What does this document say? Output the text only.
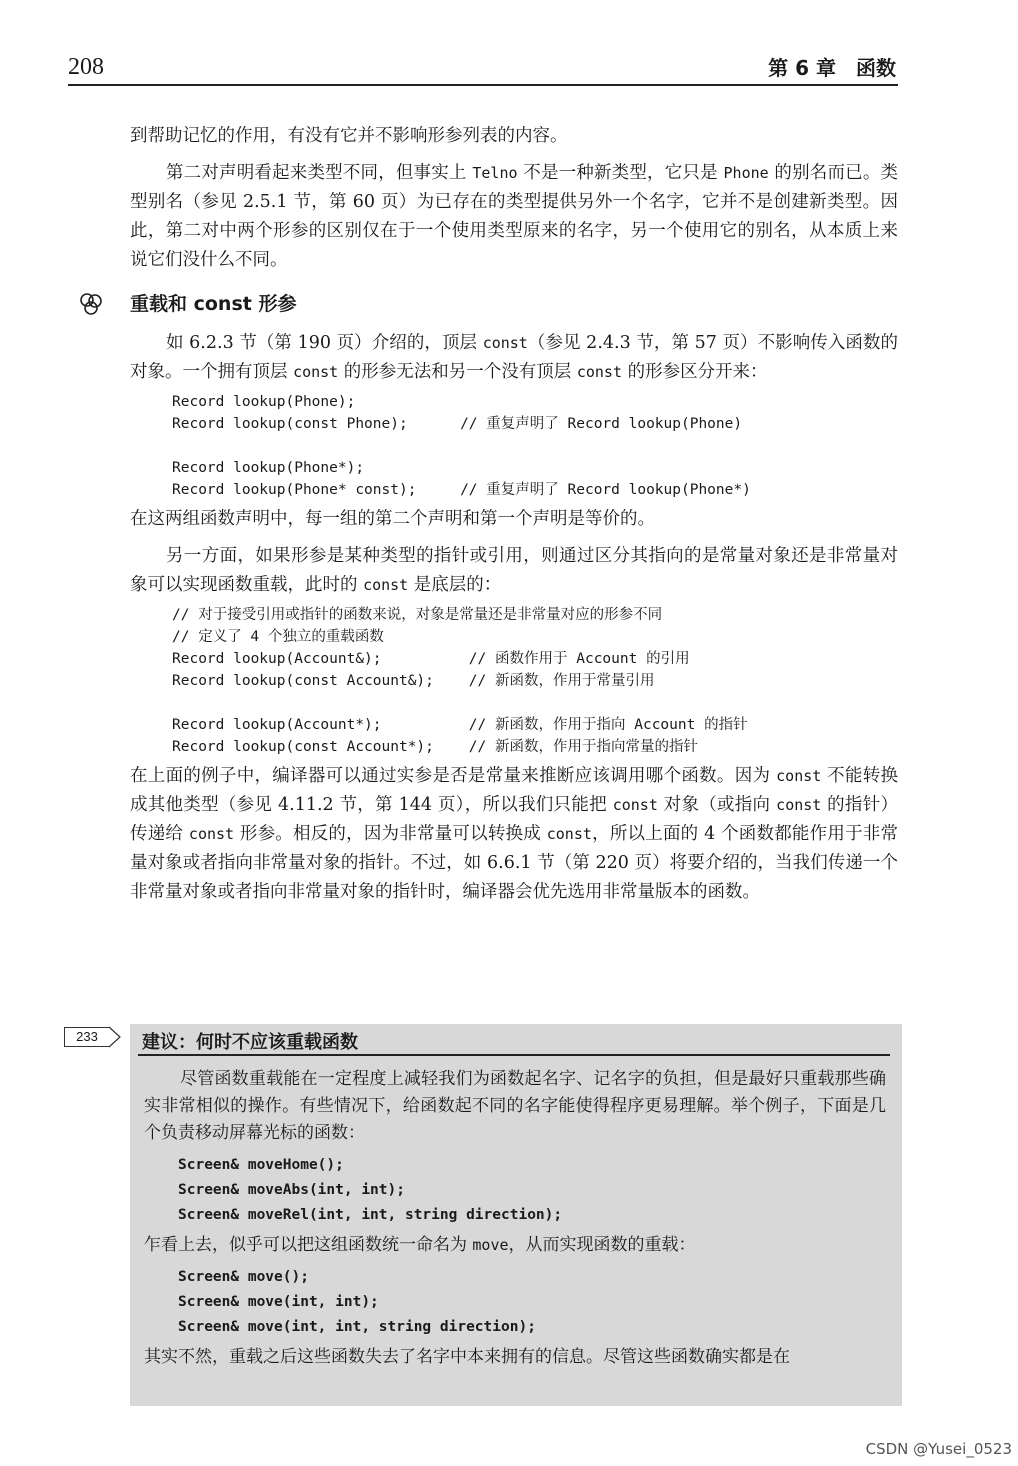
208	第 6 章　函数

到帮助记忆的作用，有没有它并不影响形参列表的内容。

第二对声明看起来类型不同，但事实上 Telno 不是一种新类型，它只是 Phone 的别名而已。类型别名（参见 2.5.1 节，第 60 页）为已存在的类型提供另外一个名字，它并不是创建新类型。因此，第二对中两个形参的区别仅在于一个使用类型原来的名字，另一个使用它的别名，从本质上来说它们没什么不同。

重载和 const 形参

如 6.2.3 节（第 190 页）介绍的，顶层 const（参见 2.4.3 节，第 57 页）不影响传入函数的对象。一个拥有顶层 const 的形参无法和另一个没有顶层 const 的形参区分开来：

Record lookup(Phone);
Record lookup(const Phone);      // 重复声明了 Record lookup(Phone)

Record lookup(Phone*);
Record lookup(Phone* const);     // 重复声明了 Record lookup(Phone*)

在这两组函数声明中，每一组的第二个声明和第一个声明是等价的。

另一方面，如果形参是某种类型的指针或引用，则通过区分其指向的是常量对象还是非常量对象可以实现函数重载，此时的 const 是底层的：

// 对于接受引用或指针的函数来说，对象是常量还是非常量对应的形参不同
// 定义了 4 个独立的重载函数
Record lookup(Account&);          // 函数作用于 Account 的引用
Record lookup(const Account&);    // 新函数，作用于常量引用

Record lookup(Account*);          // 新函数，作用于指向 Account 的指针
Record lookup(const Account*);    // 新函数，作用于指向常量的指针

在上面的例子中，编译器可以通过实参是否是常量来推断应该调用哪个函数。因为 const 不能转换成其他类型（参见 4.11.2 节，第 144 页），所以我们只能把 const 对象（或指向 const 的指针）传递给 const 形参。相反的，因为非常量可以转换成 const，所以上面的 4 个函数都能作用于非常量对象或者指向非常量对象的指针。不过，如 6.6.1 节（第 220 页）将要介绍的，当我们传递一个非常量对象或者指向非常量对象的指针时，编译器会优先选用非常量版本的函数。

233	建议：何时不应该重载函数

尽管函数重载能在一定程度上减轻我们为函数起名字、记名字的负担，但是最好只重载那些确实非常相似的操作。有些情况下，给函数起不同的名字能使得程序更易理解。举个例子，下面是几个负责移动屏幕光标的函数：

Screen& moveHome();
Screen& moveAbs(int, int);
Screen& moveRel(int, int, string direction);

乍看上去，似乎可以把这组函数统一命名为 move，从而实现函数的重载：

Screen& move();
Screen& move(int, int);
Screen& move(int, int, string direction);

其实不然，重载之后这些函数失去了名字中本来拥有的信息。尽管这些函数确实都是在

CSDN @Yusei_0523
